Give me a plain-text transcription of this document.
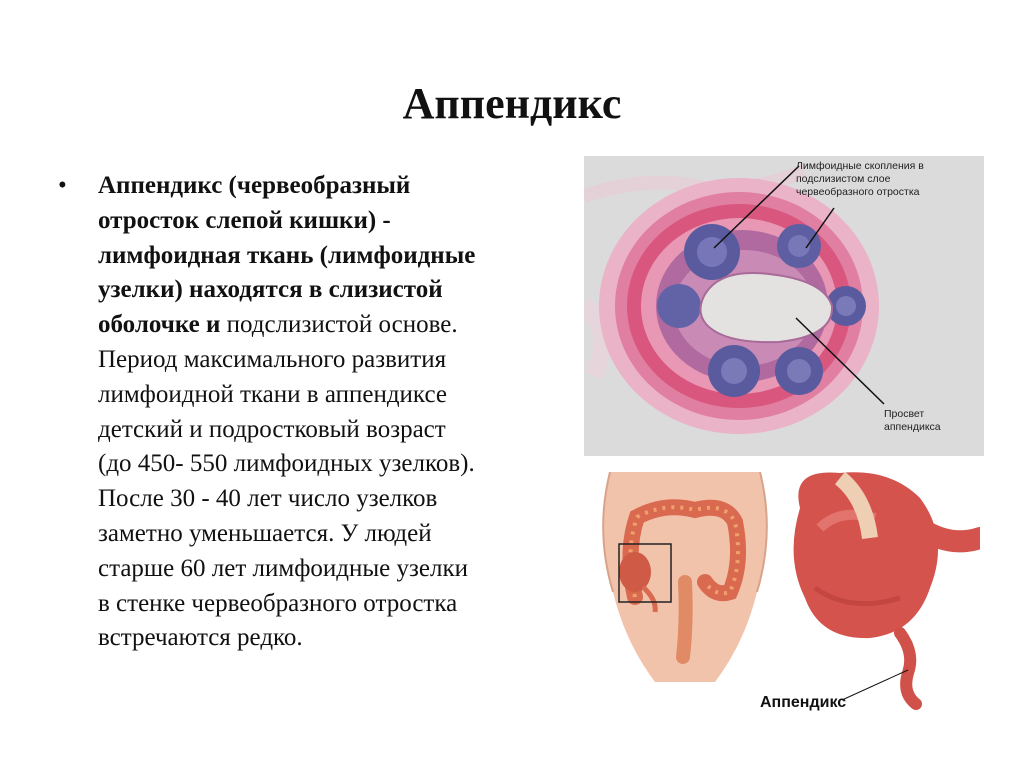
Аппендикс
• Аппендикс (червеобразный
отросток слепой кишки) -
лимфоидная ткань (лимфоидные
узелки) находятся в слизистой
оболочке и подслизистой основе.
Период максимального развития
лимфоидной ткани в аппендиксе
детский и подростковый возраст
(до 450- 550 лимфоидных узелков).
После 30 - 40 лет число узелков
заметно уменьшается. У людей
старше 60 лет лимфоидные узелки
в стенке червеобразного отростка
встречаются редко.

Лимфоидные скопления в
подслизистом слое
червеобразного отростка
Просвет
аппендикса
Аппендикс
